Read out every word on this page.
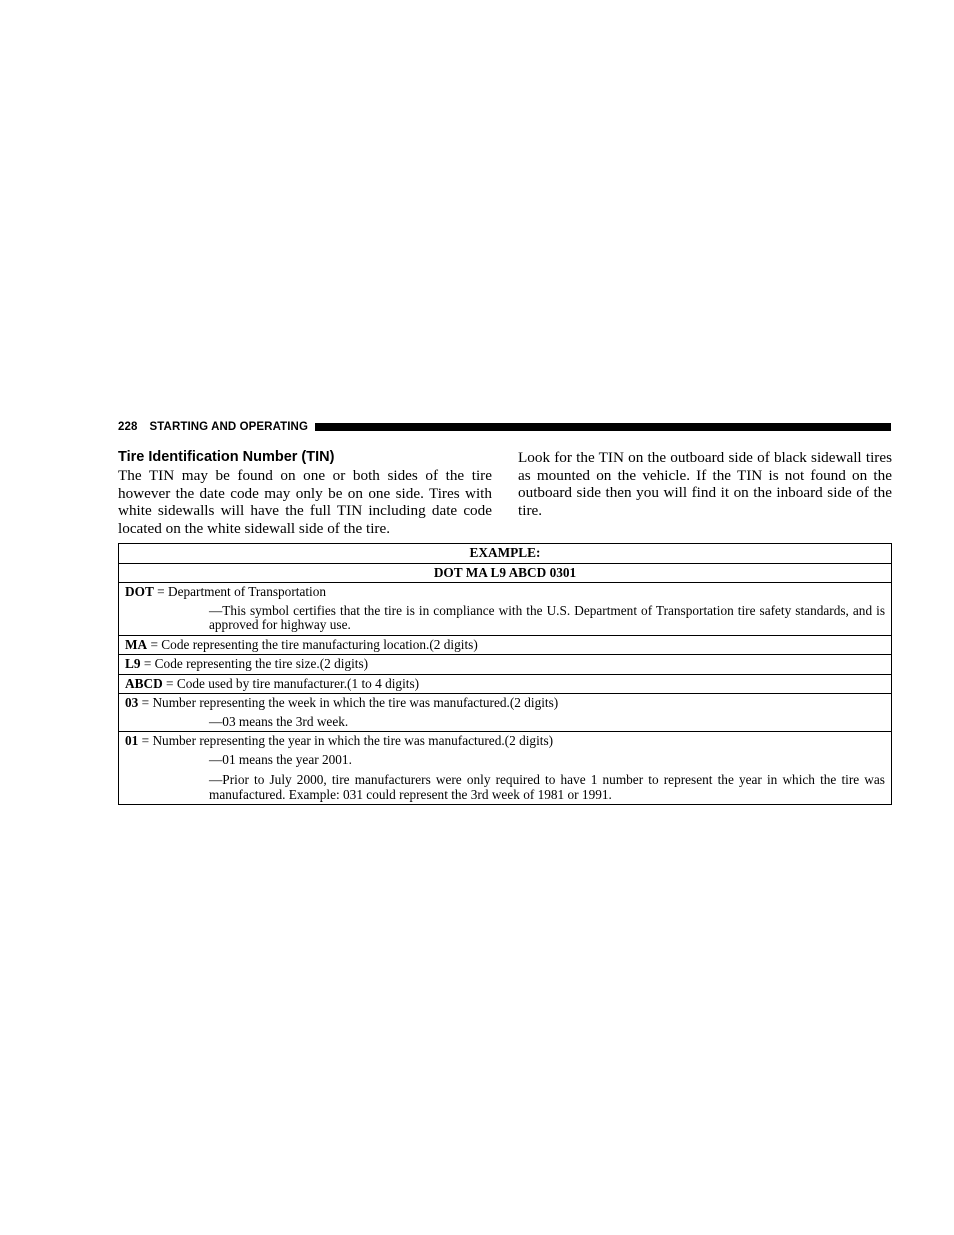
228 STARTING AND OPERATING
Tire Identification Number (TIN)

The TIN may be found on one or both sides of the tire however the date code may only be on one side. Tires with white sidewalls will have the full TIN including date code located on the white sidewall side of the tire.

Look for the TIN on the outboard side of black sidewall tires as mounted on the vehicle. If the TIN is not found on the outboard side then you will find it on the inboard side of the tire.

EXAMPLE:
DOT MA L9 ABCD 0301

DOT = Department of Transportation
—This symbol certifies that the tire is in compliance with the U.S. Department of Transportation tire safety standards, and is approved for highway use.

MA = Code representing the tire manufacturing location.(2 digits)
L9 = Code representing the tire size.(2 digits)
ABCD = Code used by tire manufacturer.(1 to 4 digits)

03 = Number representing the week in which the tire was manufactured.(2 digits)
—03 means the 3rd week.

01 = Number representing the year in which the tire was manufactured.(2 digits)
—01 means the year 2001.
—Prior to July 2000, tire manufacturers were only required to have 1 number to represent the year in which the tire was manufactured. Example: 031 could represent the 3rd week of 1981 or 1991.
